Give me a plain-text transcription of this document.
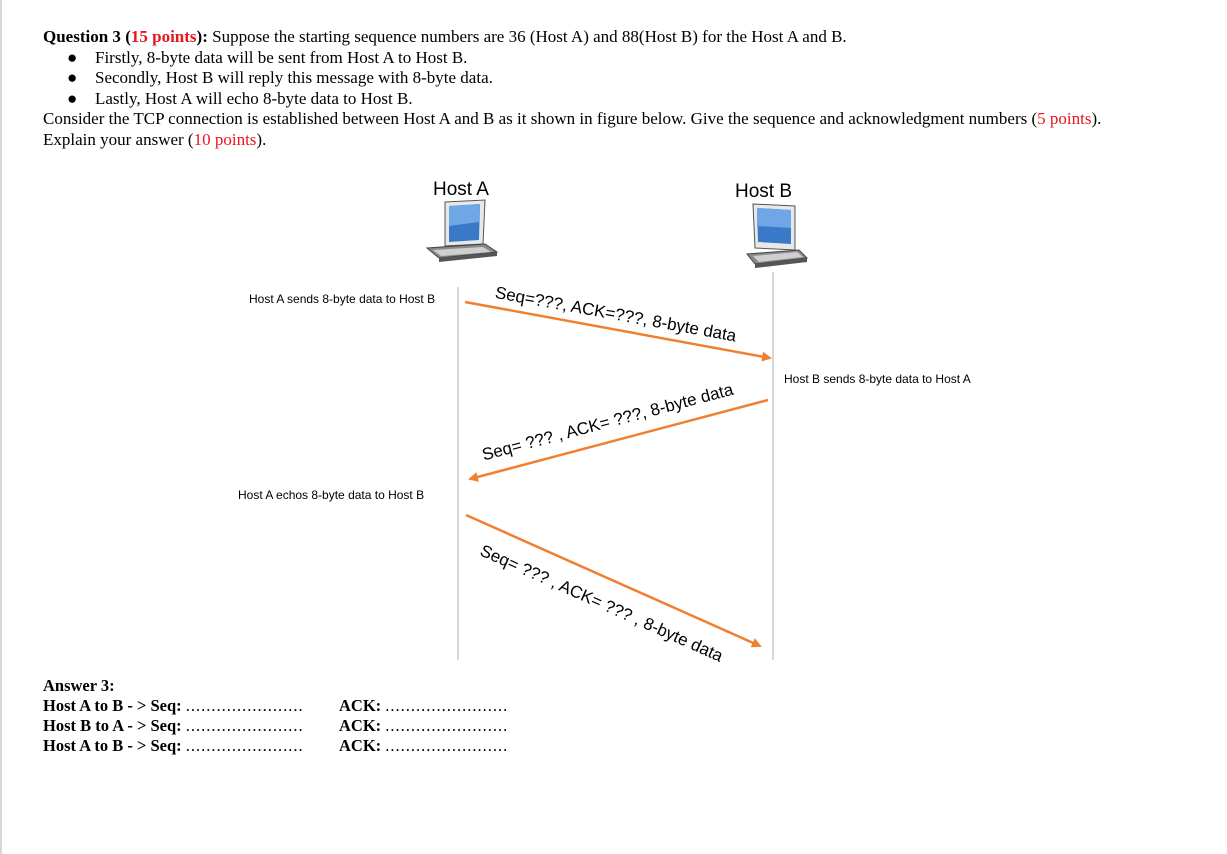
Question 3 (15 points): Suppose the starting sequence numbers are 36 (Host A) and 88(Host B) for the Host A and B.
● Firstly, 8-byte data will be sent from Host A to Host B.
● Secondly, Host B will reply this message with 8-byte data.
● Lastly, Host A will echo 8-byte data to Host B.
Consider the TCP connection is established between Host A and B as it shown in figure below. Give the sequence and acknowledgment numbers (5 points).
Explain your answer (10 points).
Host A	Host B
Host A sends 8-byte data to Host B
Host B sends 8-byte data to Host A
Host A echos 8-byte data to Host B
Seq=???, ACK=???, 8-byte data
Seq= ??? , ACK= ???, 8-byte data
Seq= ??? , ACK= ??? , 8-byte data
Answer 3:
Host A to B - > Seq: ....................... ACK: ........................
Host B to A - > Seq: ....................... ACK: ........................
Host A to B - > Seq: ....................... ACK: ........................
